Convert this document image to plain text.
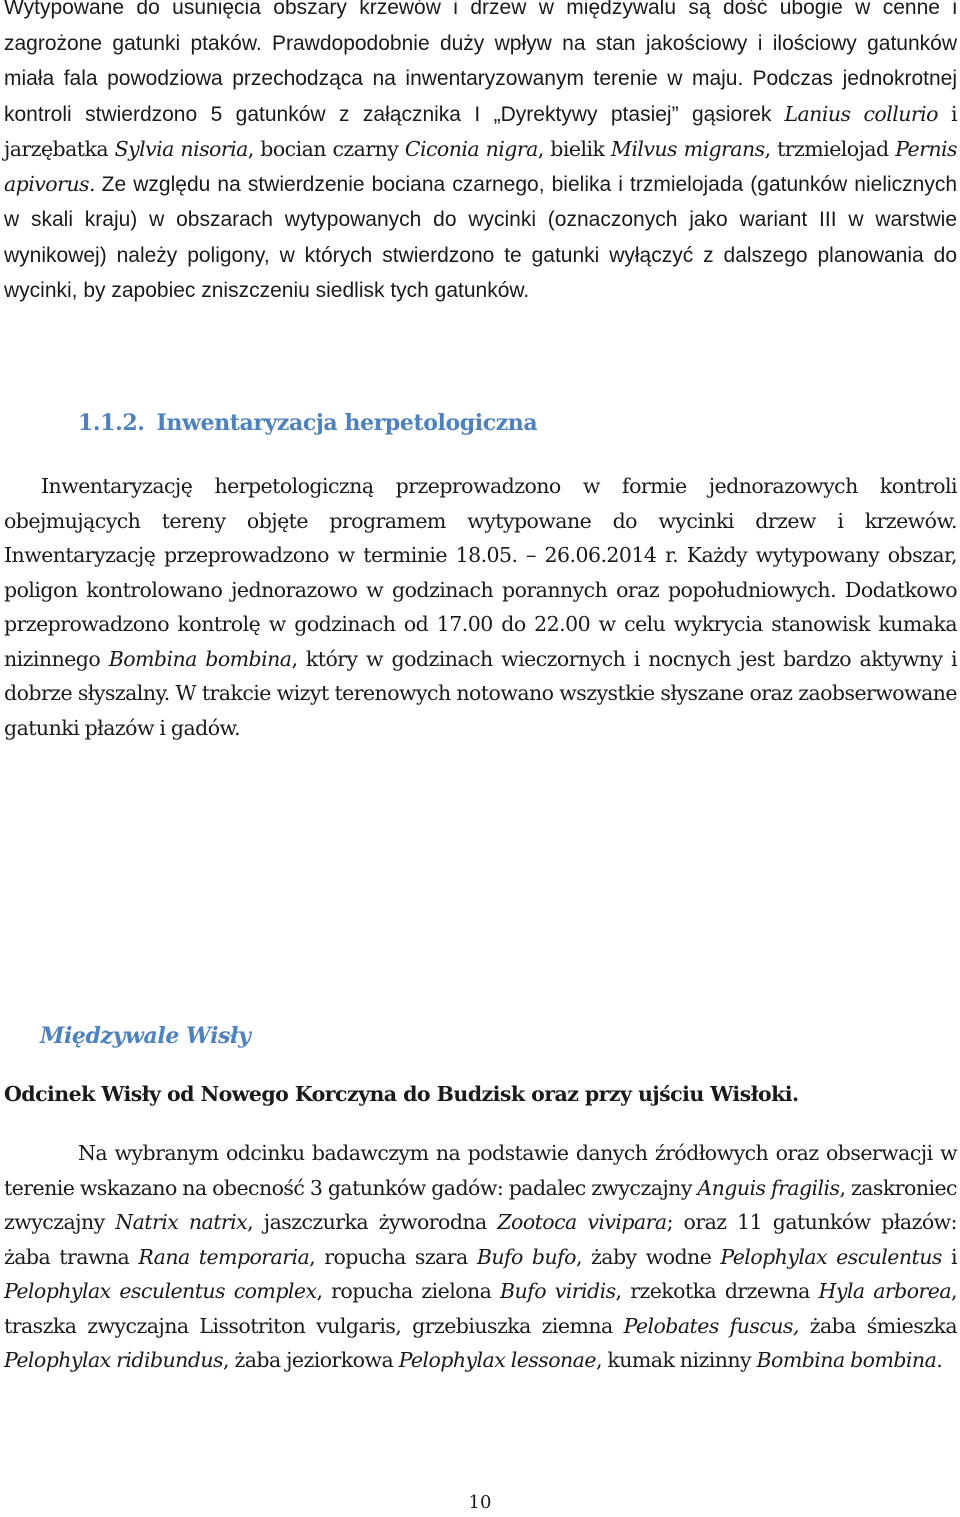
Wytypowane do usunięcia obszary krzewów i drzew w międzywalu są dość ubogie w cenne i zagrożone gatunki ptaków. Prawdopodobnie duży wpływ na stan jakościowy i ilościowy gatunków miała fala powodziowa przechodząca na inwentaryzowanym terenie w maju. Podczas jednokrotnej kontroli stwierdzono 5 gatunków z załącznika I „Dyrektywy ptasiej” gąsiorek Lanius collurio i jarzębatka Sylvia nisoria, bocian czarny Ciconia nigra, bielik Milvus migrans, trzmielojad Pernis apivorus. Ze względu na stwierdzenie bociana czarnego, bielika i trzmielojada (gatunków nielicznych w skali kraju) w obszarach wytypowanych do wycinki (oznaczonych jako wariant III w warstwie wynikowej) należy poligony, w których stwierdzono te gatunki wyłączyć z dalszego planowania do wycinki, by zapobiec zniszczeniu siedlisk tych gatunków.

1.1.2. Inwentaryzacja herpetologiczna

Inwentaryzację herpetologiczną przeprowadzono w formie jednorazowych kontroli obejmujących tereny objęte programem wytypowane do wycinki drzew i krzewów. Inwentaryzację przeprowadzono w terminie 18.05. – 26.06.2014 r. Każdy wytypowany obszar, poligon kontrolowano jednorazowo w godzinach porannych oraz popołudniowych. Dodatkowo przeprowadzono kontrolę w godzinach od 17.00 do 22.00 w celu wykrycia stanowisk kumaka nizinnego Bombina bombina, który w godzinach wieczornych i nocnych jest bardzo aktywny i dobrze słyszalny. W trakcie wizyt terenowych notowano wszystkie słyszane oraz zaobserwowane gatunki płazów i gadów.

Międzywale Wisły
Odcinek Wisły od Nowego Korczyna do Budzisk oraz przy ujściu Wisłoki.

Na wybranym odcinku badawczym na podstawie danych źródłowych oraz obserwacji w terenie wskazano na obecność 3 gatunków gadów: padalec zwyczajny Anguis fragilis, zaskroniec zwyczajny Natrix natrix, jaszczurka żyworodna Zootoca vivipara; oraz 11 gatunków płazów: żaba trawna Rana temporaria, ropucha szara Bufo bufo, żaby wodne Pelophylax esculentus i Pelophylax esculentus complex, ropucha zielona Bufo viridis, rzekotka drzewna Hyla arborea, traszka zwyczajna Lissotriton vulgaris, grzebiuszka ziemna Pelobates fuscus, żaba śmieszka Pelophylax ridibundus, żaba jeziorkowa Pelophylax lessonae, kumak nizinny Bombina bombina.

10
